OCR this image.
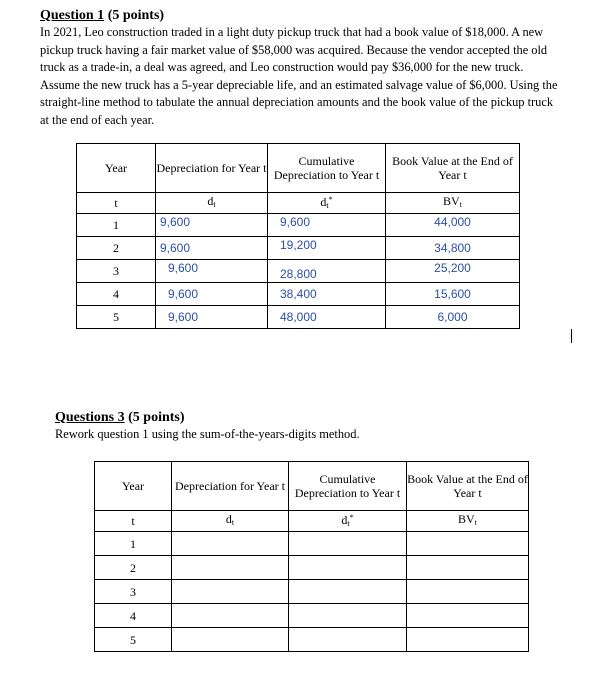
Question 1 (5 points)
In 2021, Leo construction traded in a light duty pickup truck that had a book value of $18,000. A new pickup truck having a fair market value of $58,000 was acquired. Because the vendor accepted the old truck as a trade-in, a deal was agreed, and Leo construction would pay $36,000 for the new truck. Assume the new truck has a 5-year depreciable life, and an estimated salvage value of $6,000. Using the straight-line method to tabulate the annual depreciation amounts and the book value of the pickup truck at the end of each year.
Year	Depreciation for Year t	Cumulative Depreciation to Year t	Book Value at the End of Year t
t	$d_t$	$d_t^*$	$BV_t$
1	9,600	9,600	44,000
2	9,600	19,200	34,800
3	9,600	28,800	25,200
4	9,600	38,400	15,600
5	9,600	48,000	6,000
Questions 3 (5 points)
Rework question 1 using the sum-of-the-years-digits method.
Year	Depreciation for Year t	Cumulative Depreciation to Year t	Book Value at the End of Year t
t	$d_t$	$d_t^*$	$BV_t$
1			
2			
3			
4			
5			
